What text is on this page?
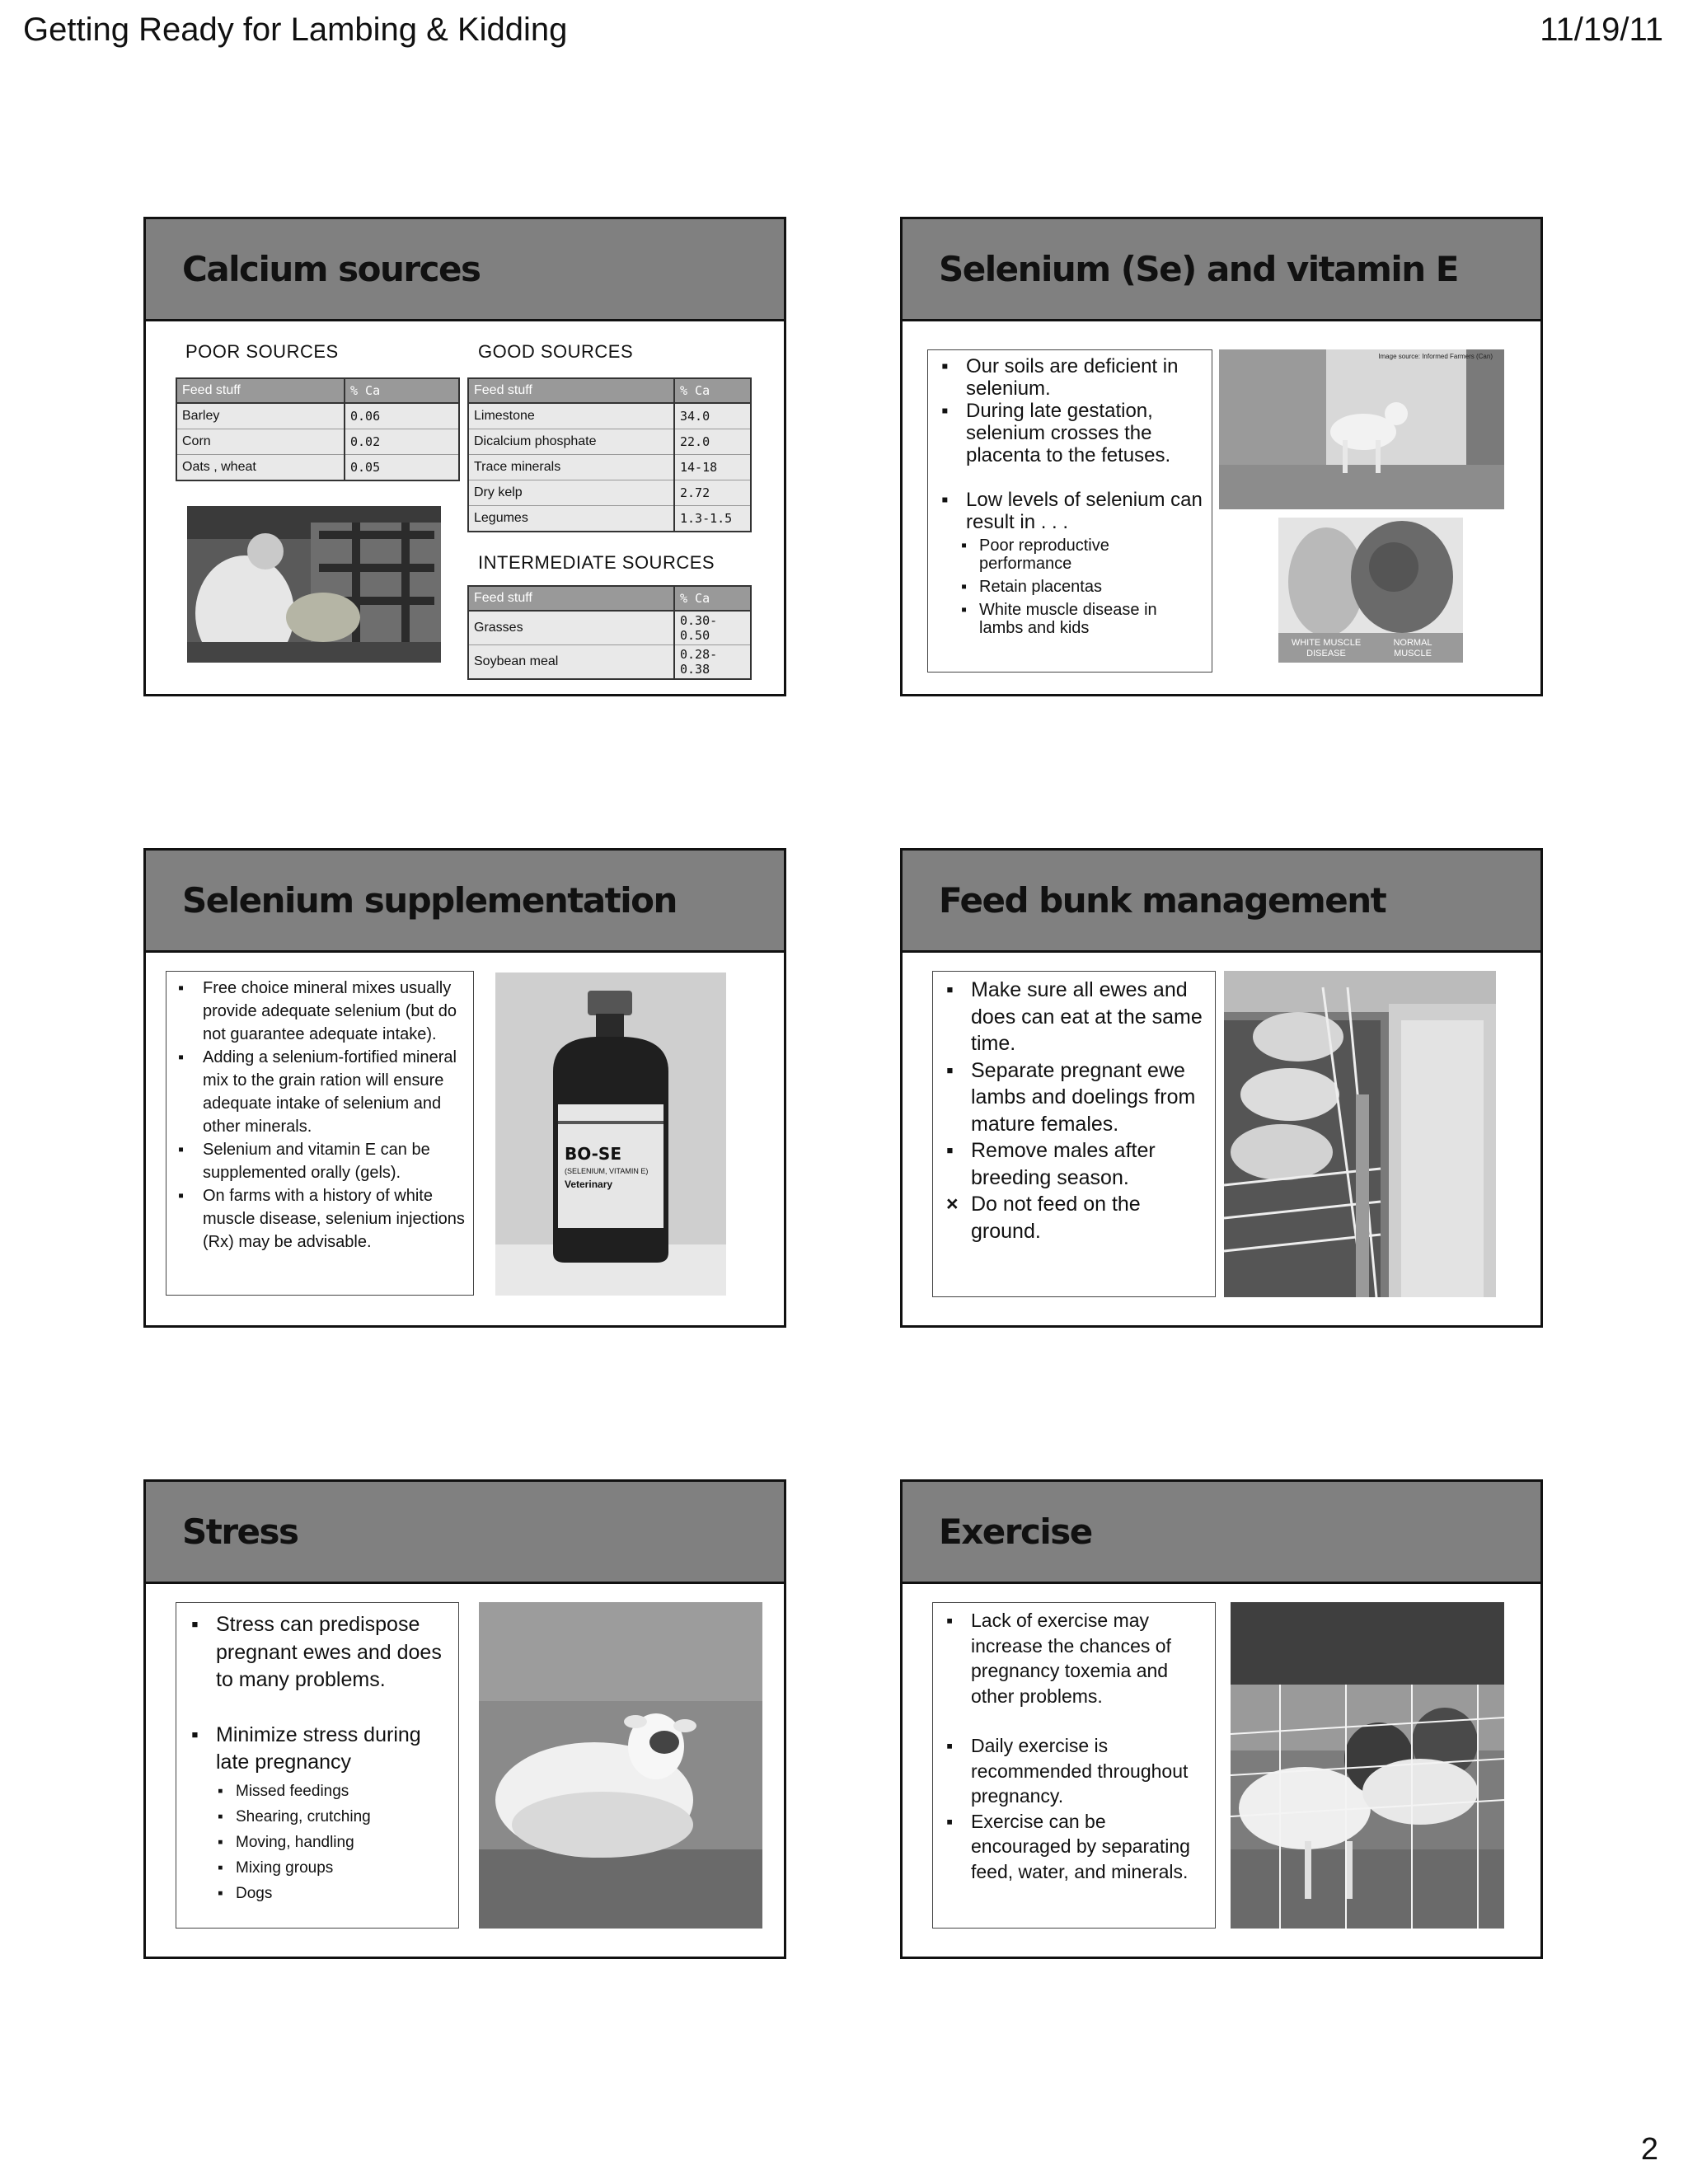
Getting Ready for Lambing & Kidding	11/19/11
Calcium sources
POOR SOURCES
Feed stuff	% Ca
Barley	0.06
Corn	0.02
Oats , wheat	0.05
GOOD SOURCES
Feed stuff	% Ca
Limestone	34.0
Dicalcium phosphate	22.0
Trace minerals	14-18
Dry kelp	2.72
Legumes	1.3-1.5
INTERMEDIATE SOURCES
Feed stuff	% Ca
Grasses	0.30-0.50
Soybean meal	0.28-0.38
Selenium (Se) and vitamin E
▪ Our soils are deficient in selenium.
▪ During late gestation, selenium crosses the placenta to the fetuses.
▪ Low levels of selenium can result in . . .
▪ Poor reproductive performance
▪ Retain placentas
▪ White muscle disease in lambs and kids
Image source: Informed Farmers (Can)
WHITE MUSCLE DISEASE
NORMAL MUSCLE
Selenium supplementation
▪ Free choice mineral mixes usually provide adequate selenium (but do not guarantee adequate intake).
▪ Adding a selenium-fortified mineral mix to the grain ration will ensure adequate intake of selenium and other minerals.
▪ Selenium and vitamin E can be supplemented orally (gels).
▪ On farms with a history of white muscle disease, selenium injections (Rx) may be advisable.
BO-SE
(SELENIUM, VITAMIN E)
Veterinary
Feed bunk management
▪ Make sure all ewes and does can eat at the same time.
▪ Separate pregnant ewe lambs and doelings from mature females.
▪ Remove males after breeding season.
× Do not feed on the ground.
Stress
▪ Stress can predispose pregnant ewes and does to many problems.
▪ Minimize stress during late pregnancy
▪ Missed feedings
▪ Shearing, crutching
▪ Moving, handling
▪ Mixing groups
▪ Dogs
Exercise
▪ Lack of exercise may increase the chances of pregnancy toxemia and other problems.
▪ Daily exercise is recommended throughout pregnancy.
▪ Exercise can be encouraged by separating feed, water, and minerals.
2
